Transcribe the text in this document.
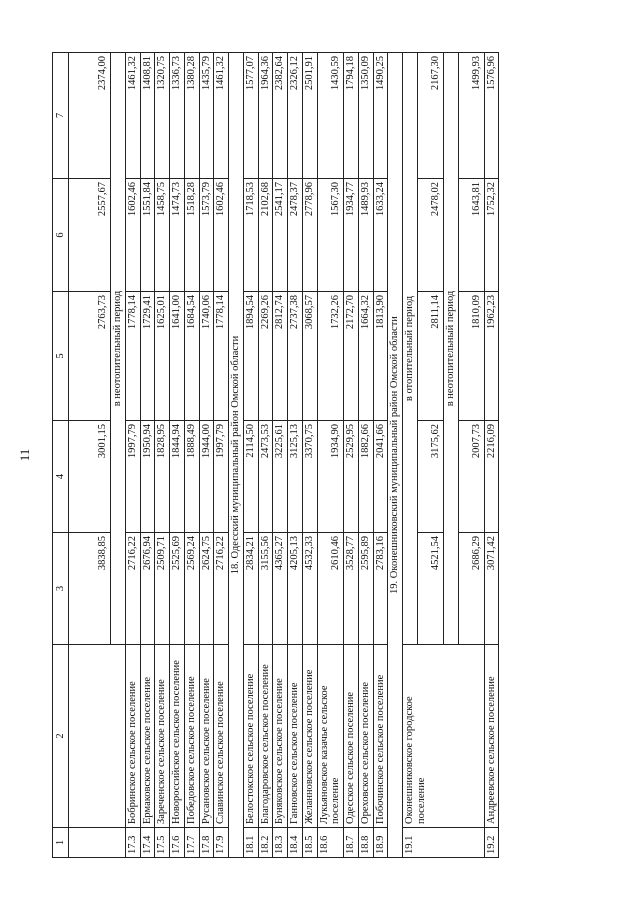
11
1	2	3	4	5	6	7
		3838,85	3001,15	2763,73	2557,67	2374,00
		в неотопительный период				
17.3	Бобринское сельское поселение	2716,22	1997,79	1778,14	1602,46	1461,32
17.4	Ермаковское сельское поселение	2676,94	1950,94	1729,41	1551,84	1408,81
17.5	Зареченское сельское поселение	2509,71	1828,95	1625,01	1458,75	1320,75
17.6	Новороссийское сельское поселение	2525,69	1844,94	1641,00	1474,73	1336,73
17.7	Победовское сельское поселение	2569,24	1888,49	1684,54	1518,28	1380,28
17.8	Русановское сельское поселение	2624,75	1944,00	1740,06	1573,79	1435,79
17.9	Славинское сельское поселение	2716,22	1997,79	1778,14	1602,46	1461,32
18. Одесский муниципальный район Омской области						
18.1	Белостокское сельское поселение	2834,21	2114,50	1894,54	1718,53	1577,07
18.2	Благодаровское сельское поселение	3155,56	2473,53	2269,26	2102,68	1964,36
18.3	Буняковское сельское поселение	4365,27	3225,61	2812,74	2541,17	2382,64
18.4	Ганновское сельское поселение	4205,13	3125,13	2737,38	2478,37	2326,12
18.5	Желанновское сельское поселение	4532,33	3370,75	3068,57	2778,96	2501,91
18.6	Лукьяновское казачье сельское поселение	2610,46	1934,90	1732,26	1567,30	1430,59
18.7	Одесское сельское поселение	3528,77	2529,95	2172,70	1934,77	1794,18
18.8	Ореховское сельское поселение	2595,89	1882,66	1664,32	1489,93	1350,09
18.9	Побочинское сельское поселение	2783,16	2041,66	1813,90	1633,24	1490,25
19. Оконешниковский муниципальный район Омской области						
19.1	Оконешниковское городское поселение	в отопительный период				
		4521,54	3175,62	2811,14	2478,02	2167,30
		в неотопительный период				
		2686,29	2007,73	1810,09	1643,81	1499,93
19.2	Андреевское сельское поселение	3071,42	2216,09	1962,23	1752,32	1576,96
